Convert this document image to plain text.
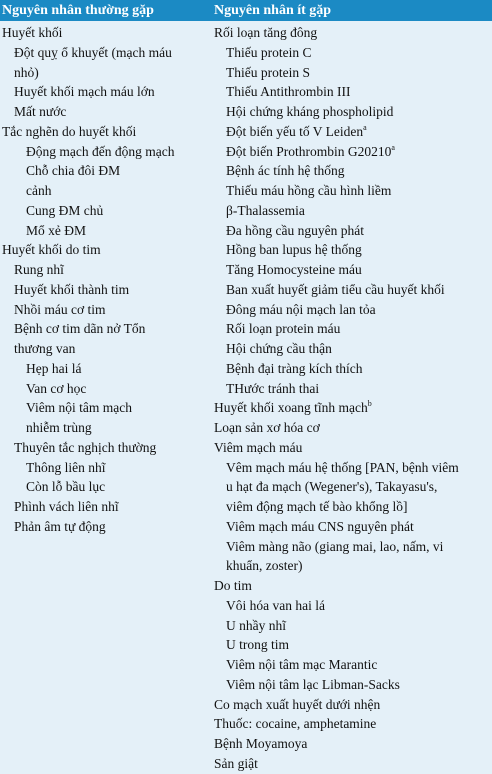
Nguyên nhân thường gặp	Nguyên nhân ít gặp
Huyết khối
Đột quỵ ổ khuyết (mạch máu
nhỏ)
Huyết khối mạch máu lớn
Mất nước
Tắc nghẽn do huyết khối
Động mạch đến động mạch
Chỗ chia đôi ĐM
cảnh
Cung ĐM chủ
Mổ xẻ ĐM
Huyết khối do tim
Rung nhĩ
Huyết khối thành tim
Nhồi máu cơ tim
Bệnh cơ tim dãn nở Tổn
thương van
Hẹp hai lá
Van cơ học
Viêm nội tâm mạch
nhiễm trùng
Thuyên tắc nghịch thường
Thông liên nhĩ
Còn lỗ bầu lục
Phình vách liên nhĩ
Phản âm tự động
Rối loạn tăng đông
Thiếu protein C
Thiếu protein S
Thiếu Antithrombin III
Hội chứng kháng phospholipid
Đột biến yếu tố V Leiden$^a$
Đột biến Prothrombin G20210$^a$
Bệnh ác tính hệ thống
Thiếu máu hồng cầu hình liềm
β-Thalassemia
Đa hồng cầu nguyên phát
Hồng ban lupus hệ thống
Tăng Homocysteine máu
Ban xuất huyết giảm tiểu cầu huyết khối
Đông máu nội mạch lan tỏa
Rối loạn protein máu
Hội chứng cầu thận
Bệnh đại tràng kích thích
THước tránh thai
Huyết khối xoang tĩnh mạch$^b$
Loạn sản xơ hóa cơ
Viêm mạch máu
Vêm mạch máu hệ thống [PAN, bệnh viêm
u hạt đa mạch (Wegener's), Takayasu's,
viêm động mạch tế bào khổng lồ]
Viêm mạch máu CNS nguyên phát
Viêm màng não (giang mai, lao, nấm, vi
khuẩn, zoster)
Do tim
Vôi hóa van hai lá
U nhầy nhĩ
U trong tim
Viêm nội tâm mạc Marantic
Viêm nội tâm lạc Libman-Sacks
Co mạch xuất huyết dưới nhện
Thuốc: cocaine, amphetamine
Bệnh Moyamoya
Sản giật
